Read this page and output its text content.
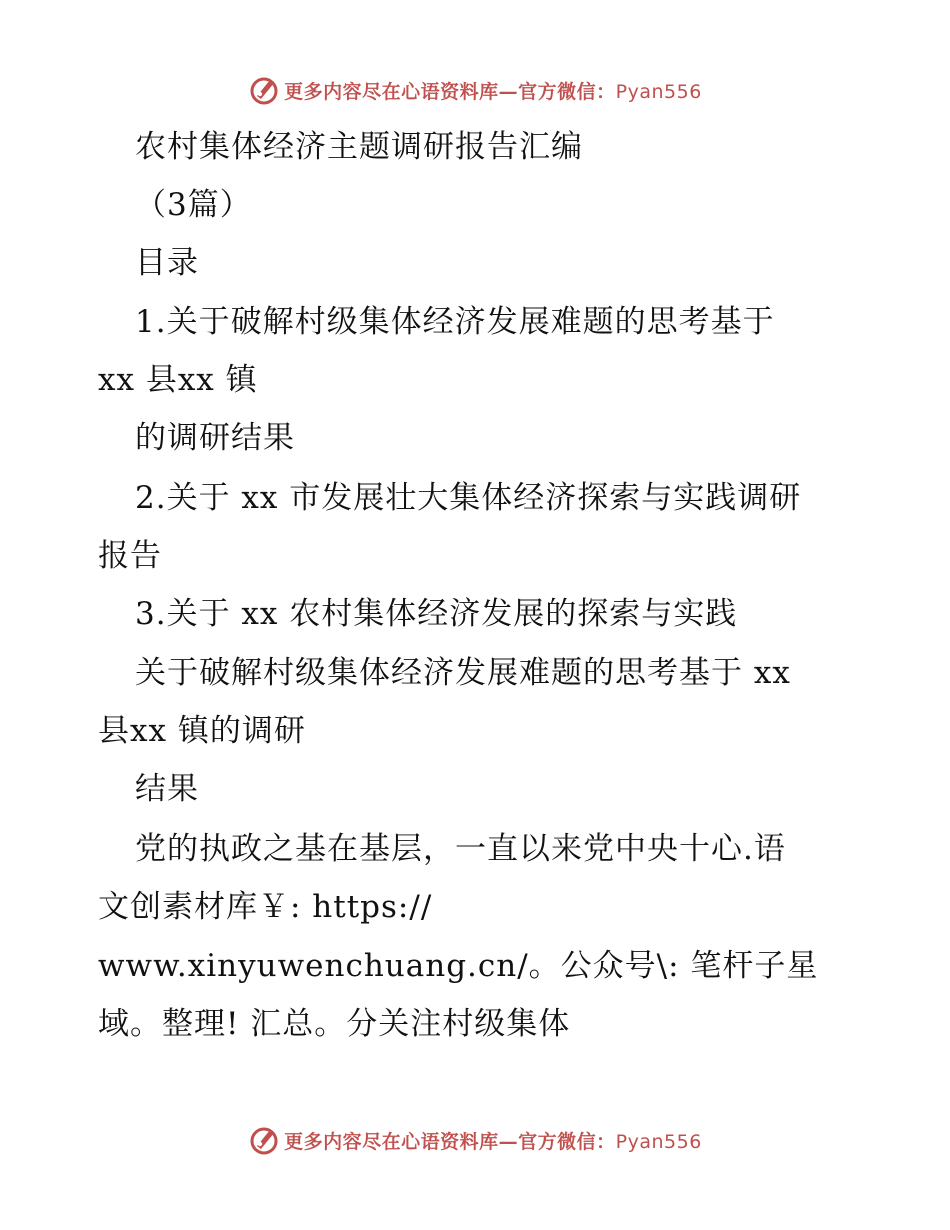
更多内容尽在心语资料库—官方微信：Pyan556
农村集体经济主题调研报告汇编
（3篇）
目录
1.关于破解村级集体经济发展难题的思考基于
xx 县xx 镇
的调研结果
2.关于 xx 市发展壮大集体经济探索与实践调研
报告
3.关于 xx 农村集体经济发展的探索与实践
关于破解村级集体经济发展难题的思考基于 xx
县xx 镇的调研
结果
党的执政之基在基层，一直以来党中央十心.语
文创素材库￥: https://
www.xinyuwenchuang.cn/。公众号\: 笔杆子星
域。整理! 汇总。分关注村级集体
更多内容尽在心语资料库—官方微信：Pyan556
